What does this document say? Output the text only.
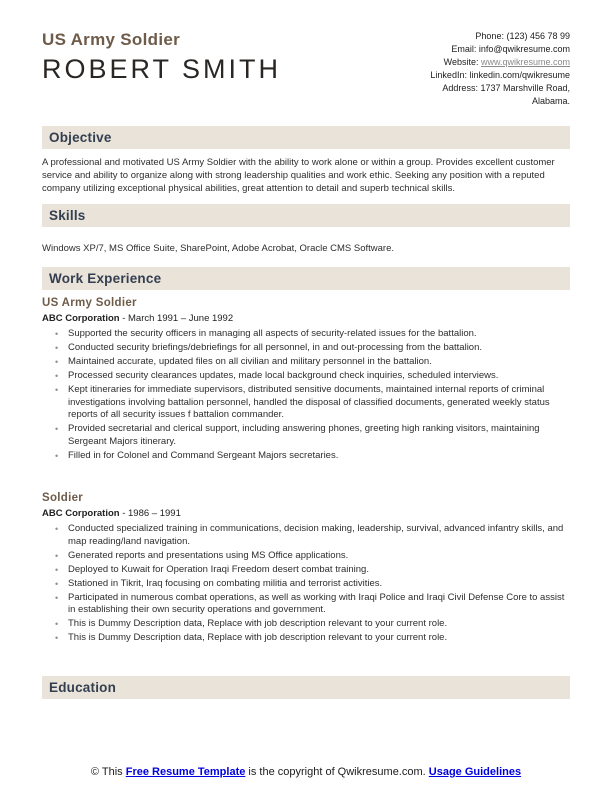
US Army Soldier
ROBERT SMITH
Phone: (123) 456 78 99
Email: info@qwikresume.com
Website: www.qwikresume.com
LinkedIn: linkedin.com/qwikresume
Address: 1737 Marshville Road, Alabama.
Objective
A professional and motivated US Army Soldier with the ability to work alone or within a group. Provides excellent customer service and ability to organize along with strong leadership qualities and work ethic. Seeking any position with a reputed company utilizing exceptional physical abilities, great attention to detail and superb technical skills.
Skills
Windows XP/7, MS Office Suite, SharePoint, Adobe Acrobat, Oracle CMS Software.
Work Experience
US Army Soldier
ABC Corporation - March 1991 – June 1992
• Supported the security officers in managing all aspects of security-related issues for the battalion.
• Conducted security briefings/debriefings for all personnel, in and out-processing from the battalion.
• Maintained accurate, updated files on all civilian and military personnel in the battalion.
• Processed security clearances updates, made local background check inquiries, scheduled interviews.
• Kept itineraries for immediate supervisors, distributed sensitive documents, maintained internal reports of criminal investigations involving battalion personnel, handled the disposal of classified documents, generated weekly status reports of all security issues f battalion commander.
• Provided secretarial and clerical support, including answering phones, greeting high ranking visitors, maintaining Sergeant Majors itinerary.
• Filled in for Colonel and Command Sergeant Majors secretaries.
Soldier
ABC Corporation - 1986 – 1991
• Conducted specialized training in communications, decision making, leadership, survival, advanced infantry skills, and map reading/land navigation.
• Generated reports and presentations using MS Office applications.
• Deployed to Kuwait for Operation Iraqi Freedom desert combat training.
• Stationed in Tikrit, Iraq focusing on combating militia and terrorist activities.
• Participated in numerous combat operations, as well as working with Iraqi Police and Iraqi Civil Defense Core to assist in establishing their own security operations and government.
• This is Dummy Description data, Replace with job description relevant to your current role.
• This is Dummy Description data, Replace with job description relevant to your current role.
Education
© This Free Resume Template is the copyright of Qwikresume.com. Usage Guidelines
